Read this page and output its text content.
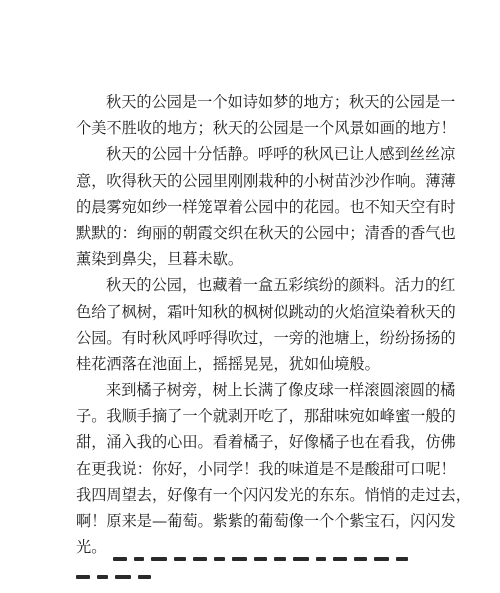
秋天的公园是一个如诗如梦的地方；秋天的公园是一
个美不胜收的地方；秋天的公园是一个风景如画的地方！

秋天的公园十分恬静。呼呼的秋风已让人感到丝丝凉
意，吹得秋天的公园里刚刚栽种的小树苗沙沙作响。薄薄
的晨雾宛如纱一样笼罩着公园中的花园。也不知天空有时
默默的：绚丽的朝霞交织在秋天的公园中；清香的香气也
薰染到鼻尖，旦暮未歇。

秋天的公园，也藏着一盒五彩缤纷的颜料。活力的红
色给了枫树，霜叶知秋的枫树似跳动的火焰渲染着秋天的
公园。有时秋风呼呼得吹过，一旁的池塘上，纷纷扬扬的
桂花洒落在池面上，摇摇晃晃，犹如仙境般。

来到橘子树旁，树上长满了像皮球一样滚圆滚圆的橘
子。我顺手摘了一个就剥开吃了，那甜味宛如峰蜜一般的
甜，涌入我的心田。看着橘子，好像橘子也在看我，仿佛
在更我说：你好，小同学！我的味道是不是酸甜可口呢！
我四周望去，好像有一个闪闪发光的东东。悄悄的走过去，
啊！原来是—葡萄。紫紫的葡萄像一个个紫宝石，闪闪发
光。
